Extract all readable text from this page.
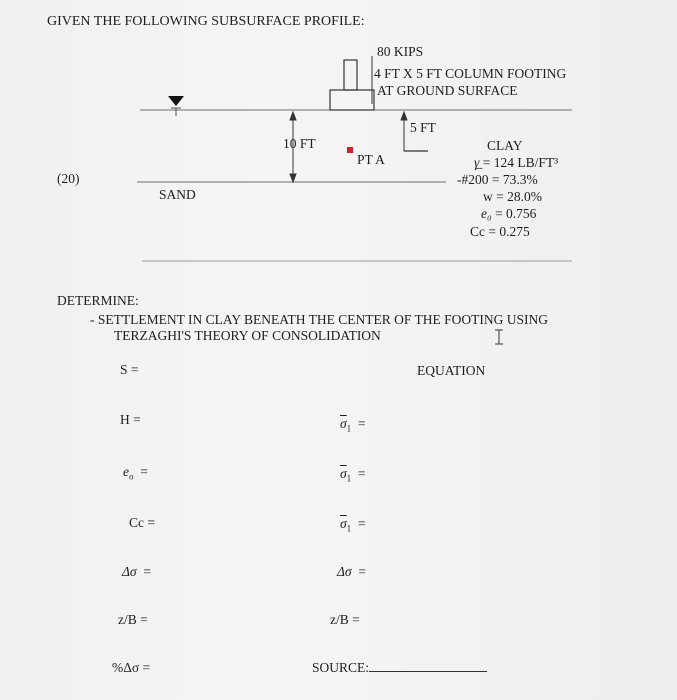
GIVEN THE FOLLOWING SUBSURFACE PROFILE:
80 KIPS
4 FT X 5 FT COLUMN FOOTING
AT GROUND SURFACE
10 FT
5 FT
PT A
(20)
SAND
CLAY
γ̲ = 124 LB/FT³
-#200 = 73.3%
w = 28.0%
e₀ = 0.756
Cc = 0.275
DETERMINE:
- SETTLEMENT IN CLAY BENEATH THE CENTER OF THE FOOTING USING
TERZAGHI'S THEORY OF CONSOLIDATION
S =	EQUATION
H =
$e_o$ =
Cc =
Δσ =
z/B =
%Δσ =
$\overline{\sigma}_1$ =
$\overline{\sigma}_1$ =
$\overline{\sigma}_1$ =
Δσ =
z/B =
SOURCE:
